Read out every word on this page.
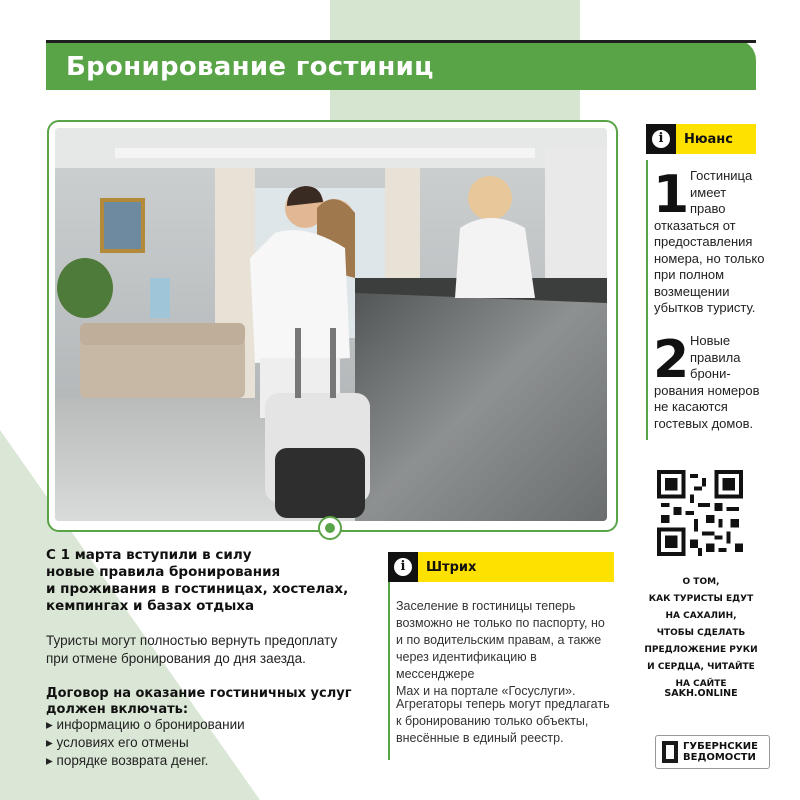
Бронирование гостиниц
С 1 марта вступили в силу
новые правила бронирования
и проживания в гостиницах, хостелах,
кемпингах и базах отдыха
Туристы могут полностью вернуть предоплату
при отмене бронирования до дня заезда.
Договор на оказание гостиничных услуг
должен включать:
▸ информацию о бронировании
▸ условиях его отмены
▸ порядке возврата денег.
i	Нюанс
1 Гостиница
имеет
право
отказаться от
предоставления
номера, но только
при полном
возмещении
убытков туристу.
2 Новые
правила
брони-
рования номеров
не касаются
гостевых домов.
О ТОМ,
КАК ТУРИСТЫ ЕДУТ
НА САХАЛИН,
ЧТОБЫ СДЕЛАТЬ
ПРЕДЛОЖЕНИЕ РУКИ
И СЕРДЦА, ЧИТАЙТЕ
НА САЙТЕ
SAKH.ONLINE
i	Штрих
Заселение в гостиницы теперь
возможно не только по паспорту, но
и по водительским правам, а также
через идентификацию в мессенджере
Max и на портале «Госуслуги».
Агрегаторы теперь могут предлагать
к бронированию только объекты,
внесённые в единый реестр.
ГУБЕРНСКИЕ
ВЕДОМОСТИ
